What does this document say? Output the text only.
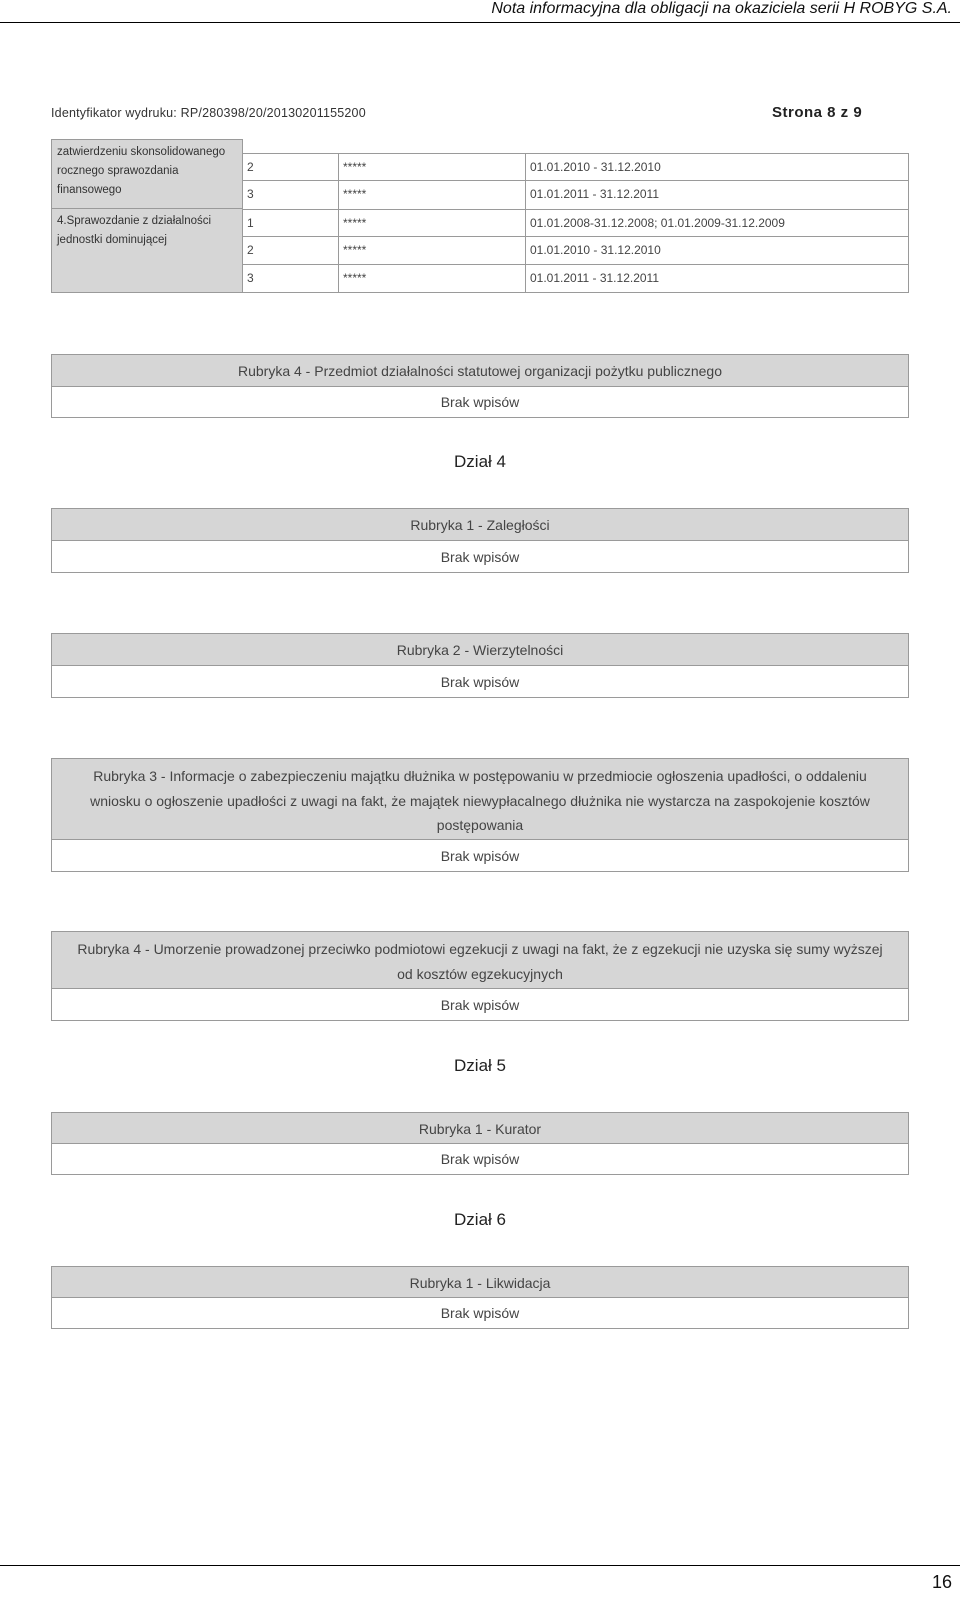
Nota informacyjna dla obligacji na okaziciela serii H ROBYG S.A.
Identyfikator wydruku: RP/280398/20/20130201155200	Strona 8 z 9
zatwierdzeniu skonsolidowanego rocznego sprawozdania finansowego
4.Sprawozdanie z działalności jednostki dominującej
2	*****	01.01.2010 - 31.12.2010
3	*****	01.01.2011 - 31.12.2011
1	*****	01.01.2008-31.12.2008; 01.01.2009-31.12.2009
2	*****	01.01.2010 - 31.12.2010
3	*****	01.01.2011 - 31.12.2011
Rubryka 4 - Przedmiot działalności statutowej organizacji pożytku publicznego
Brak wpisów
Dział 4
Rubryka 1 - Zaległości
Brak wpisów
Rubryka 2 - Wierzytelności
Brak wpisów
Rubryka 3 - Informacje o zabezpieczeniu majątku dłużnika w postępowaniu w przedmiocie ogłoszenia upadłości, o oddaleniu wniosku o ogłoszenie upadłości z uwagi na fakt, że majątek niewypłacalnego dłużnika nie wystarcza na zaspokojenie kosztów postępowania
Brak wpisów
Rubryka 4 - Umorzenie prowadzonej przeciwko podmiotowi egzekucji z uwagi na fakt, że z egzekucji nie uzyska się sumy wyższej od kosztów egzekucyjnych
Brak wpisów
Dział 5
Rubryka 1 - Kurator
Brak wpisów
Dział 6
Rubryka 1 - Likwidacja
Brak wpisów
16
